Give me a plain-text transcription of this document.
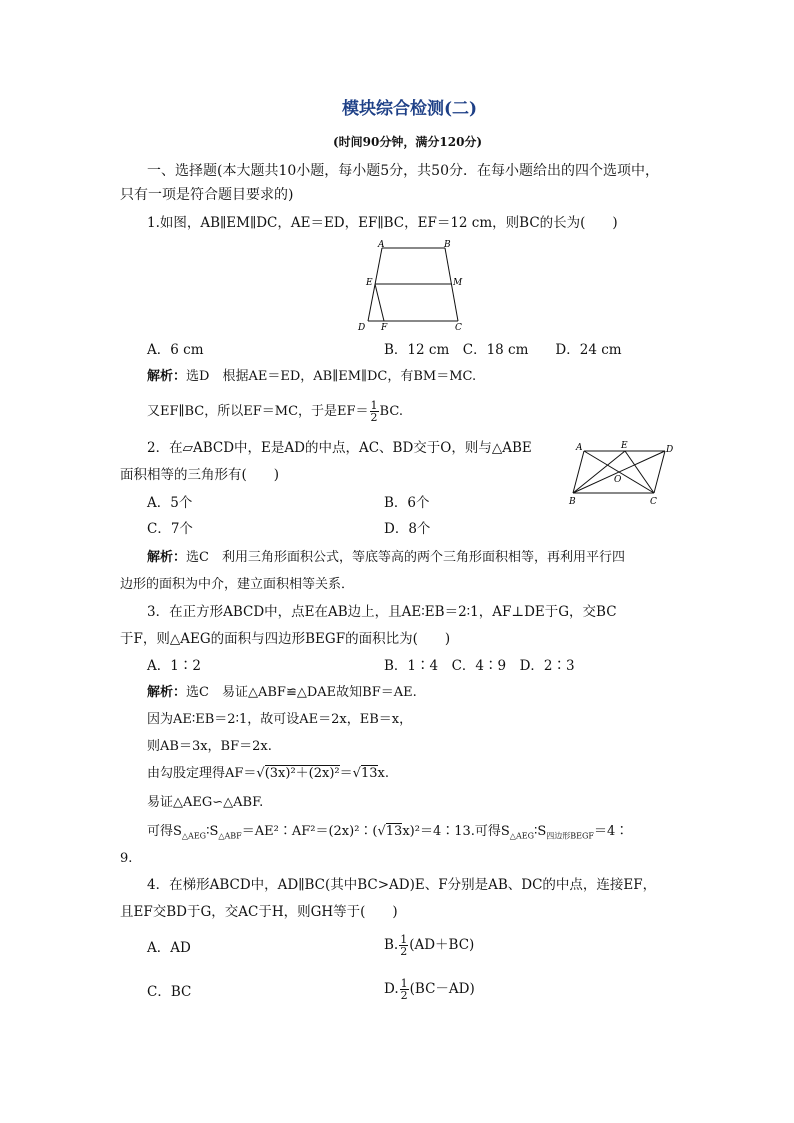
模块综合检测(二)
(时间90分钟，满分120分)
一、选择题(本大题共10小题，每小题5分，共50分．在每小题给出的四个选项中，
只有一项是符合题目要求的)
1.如图，AB∥EM∥DC，AE＝ED，EF∥BC，EF＝12 cm，则BC的长为(　　)
A	B
E	M
D F	C
A．6 cm	B．12 cm　C．18 cm　　D．24 cm
解析：选D　 根据AE＝ED，AB∥EM∥DC，有BM＝MC.
又EF∥BC，所以EF＝MC，于是$EF= \frac{1}{2}$ BC.
2．在▱ABCD中，E是AD的中点，AC、BD交于O，则与△ABE
面积相等的三角形有(　　)
A	E	D
O
B	C
A．5个	B．6个
C．7个	D．8个
解析：选C　 利用三角形面积公式，等底等高的两个三角形面积相等，再利用平行四
边形的面积为中介，建立面积相等关系．
3．在正方形ABCD中，点E在AB边上，且AE∶EB＝2∶1，AF⊥DE于G，交BC
于F，则△AEG的面积与四边形BEGF的面积比为(　　)
A．1∶2	B．1∶4　C．4∶9　D．2∶3
解析：选C　 易证△ABF≌△DAE故知BF＝AE.
因为AE∶EB＝2∶1，故可设AE＝2x，EB＝x，
则AB＝3x，BF＝2x.
由勾股定理得AF＝√(3x)²＋(2x)²＝√13x.
易证△AEG∽△ABF.
可得$S_{\triangle AEG}∶S_{\triangle ABF}=AE^2∶AF^2=(2x)^2∶(√13x)^2=4∶13$.可得$S_{\triangle AEG}∶S_{四边形BEGF}=4∶$
9.
4．在梯形ABCD中，AD∥BC(其中BC>AD)E、F分别是AB、DC的中点，连接EF，
且EF交BD于G，交AC于H，则GH等于(　　)
A．AD	B. $\frac{1}{2} (AD+BC)$
C．BC	D. $\frac{1}{2} (BC-AD)$
